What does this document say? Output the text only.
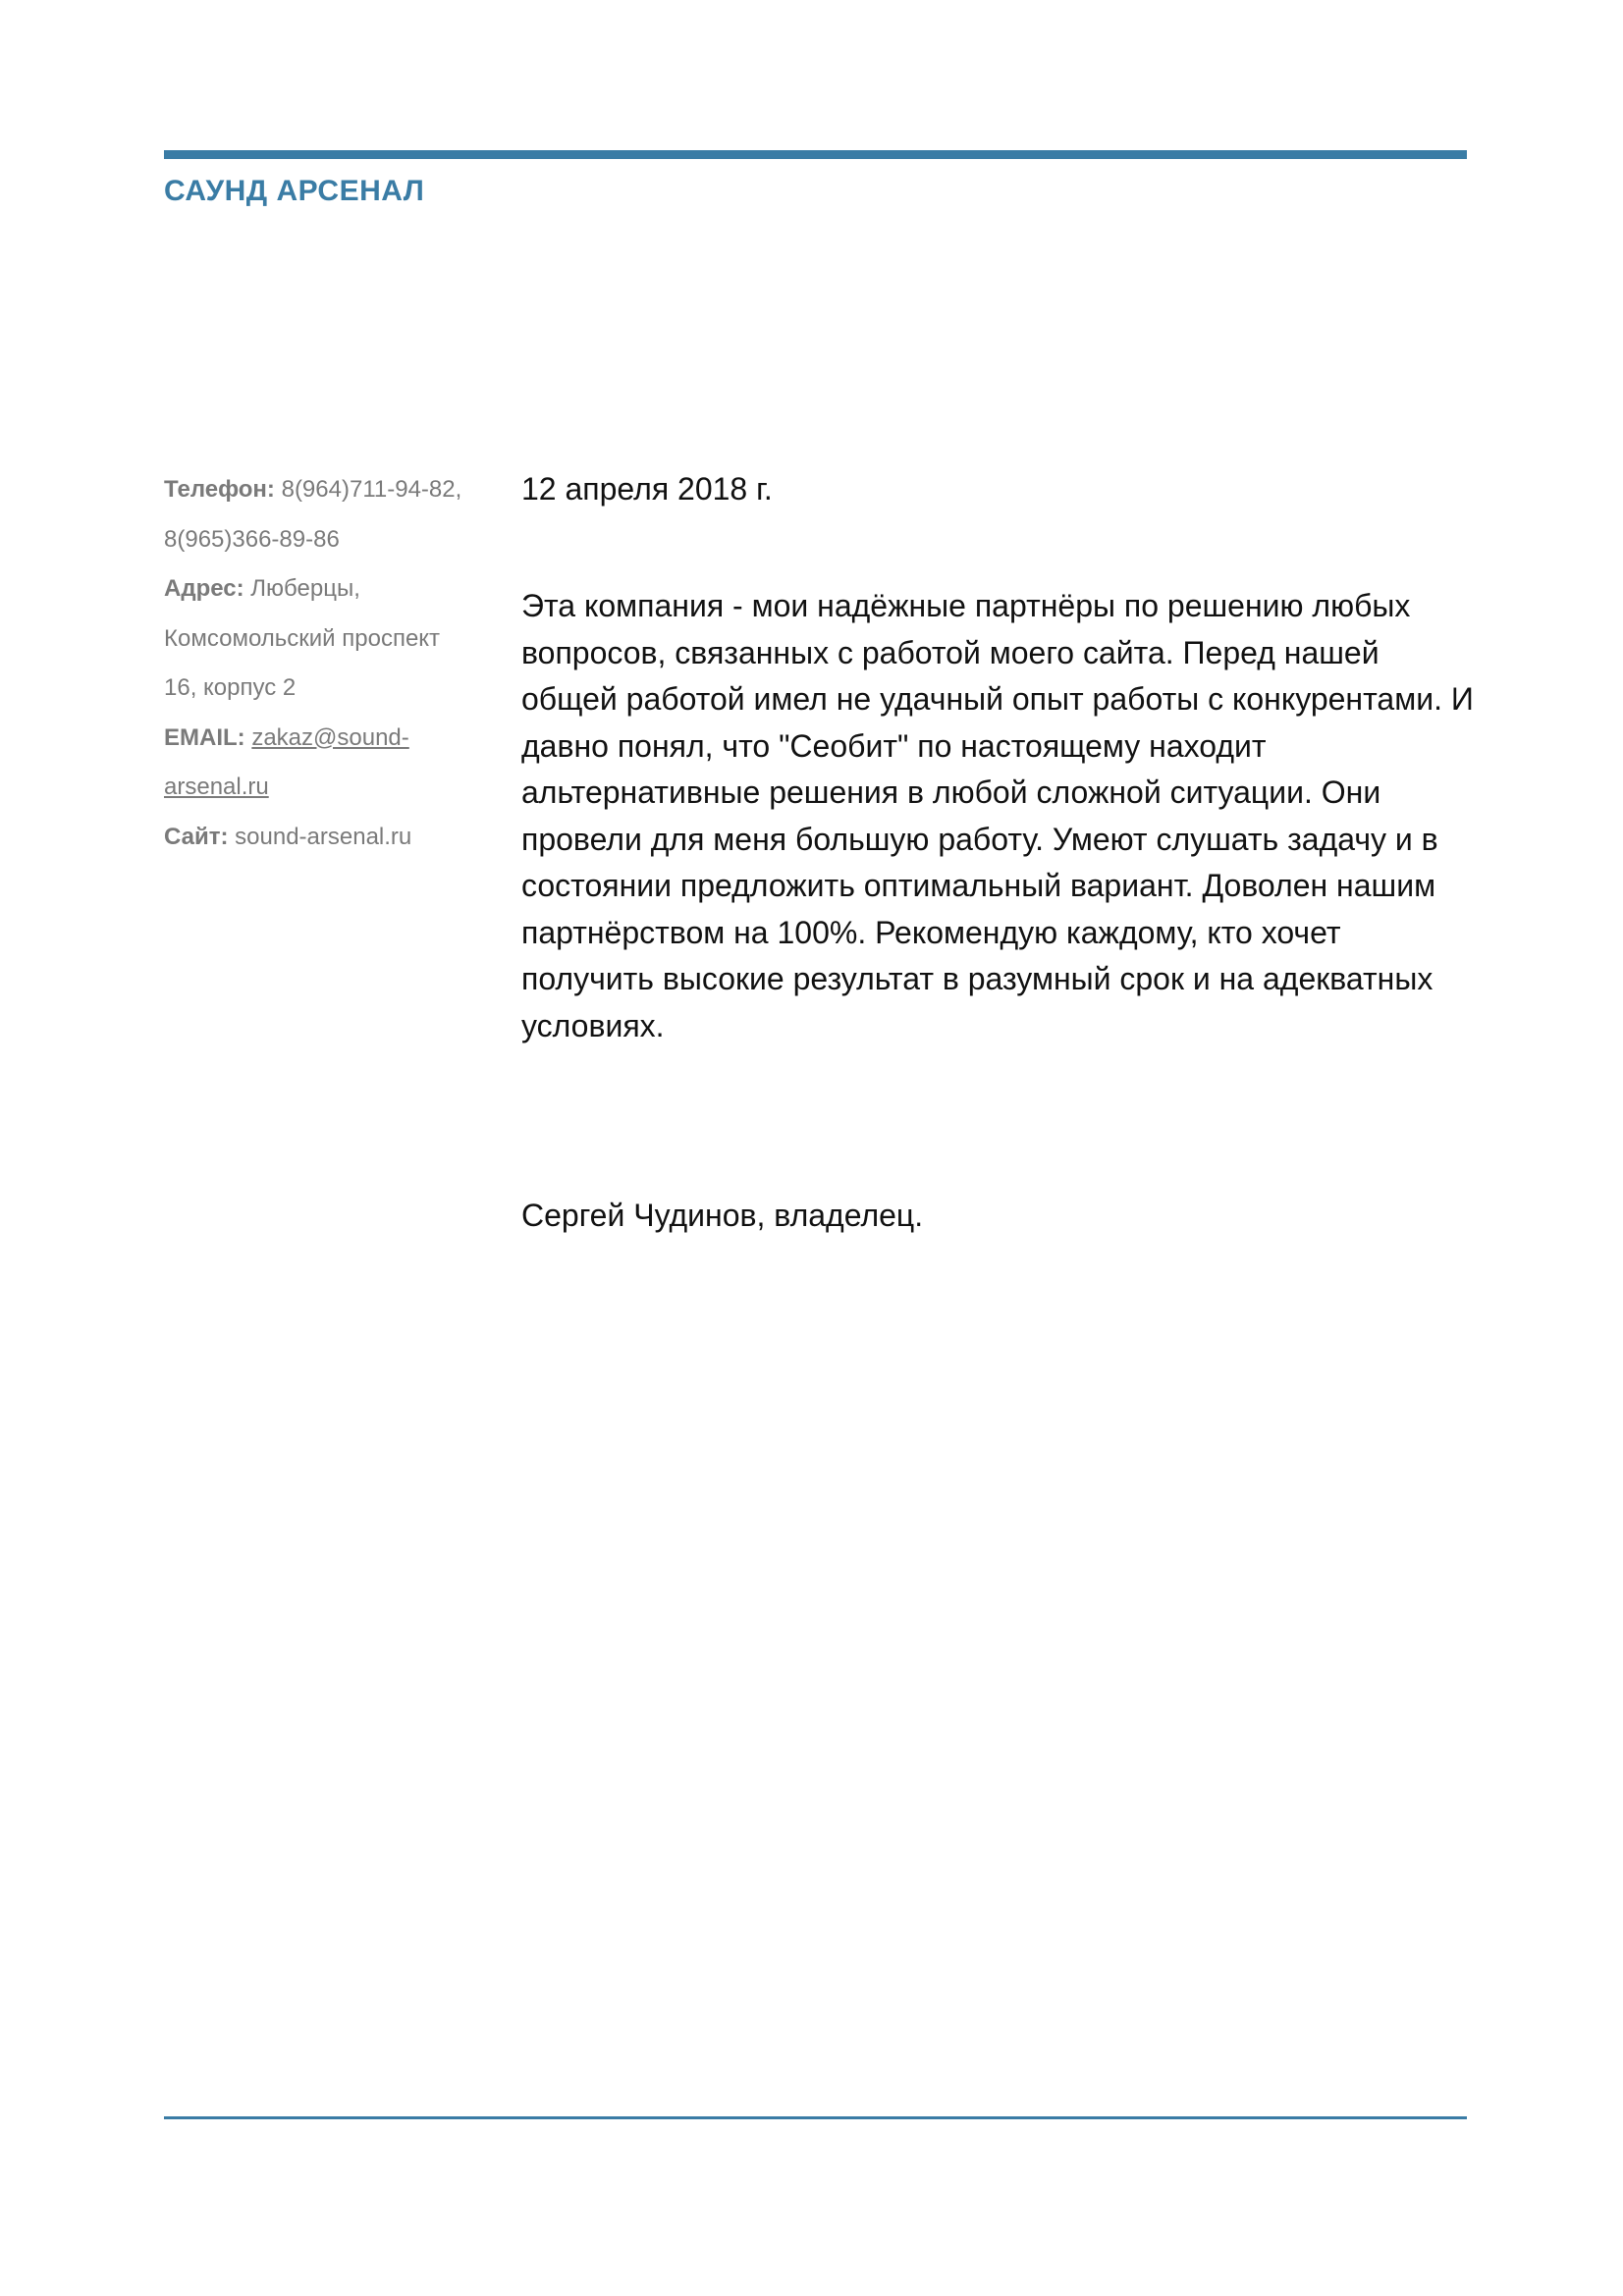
САУНД АРСЕНАЛ
Телефон: 8(964)711-94-82,
8(965)366-89-86
Адрес: Люберцы,
Комсомольский проспект
16, корпус 2
EMAIL: zakaz@sound-
arsenal.ru
Сайт: sound-arsenal.ru
12 апреля 2018 г.
Эта компания - мои надёжные партнёры по решению любых вопросов, связанных с работой моего сайта. Перед нашей общей работой имел не удачный опыт работы с конкурентами. И давно понял, что "Сеобит" по настоящему находит альтернативные решения в любой сложной ситуации. Они провели для меня большую работу. Умеют слушать задачу и в состоянии предложить оптимальный вариант. Доволен нашим партнёрством на 100%. Рекомендую каждому, кто хочет получить высокие результат в разумный срок и на адекватных условиях.
Сергей Чудинов, владелец.
